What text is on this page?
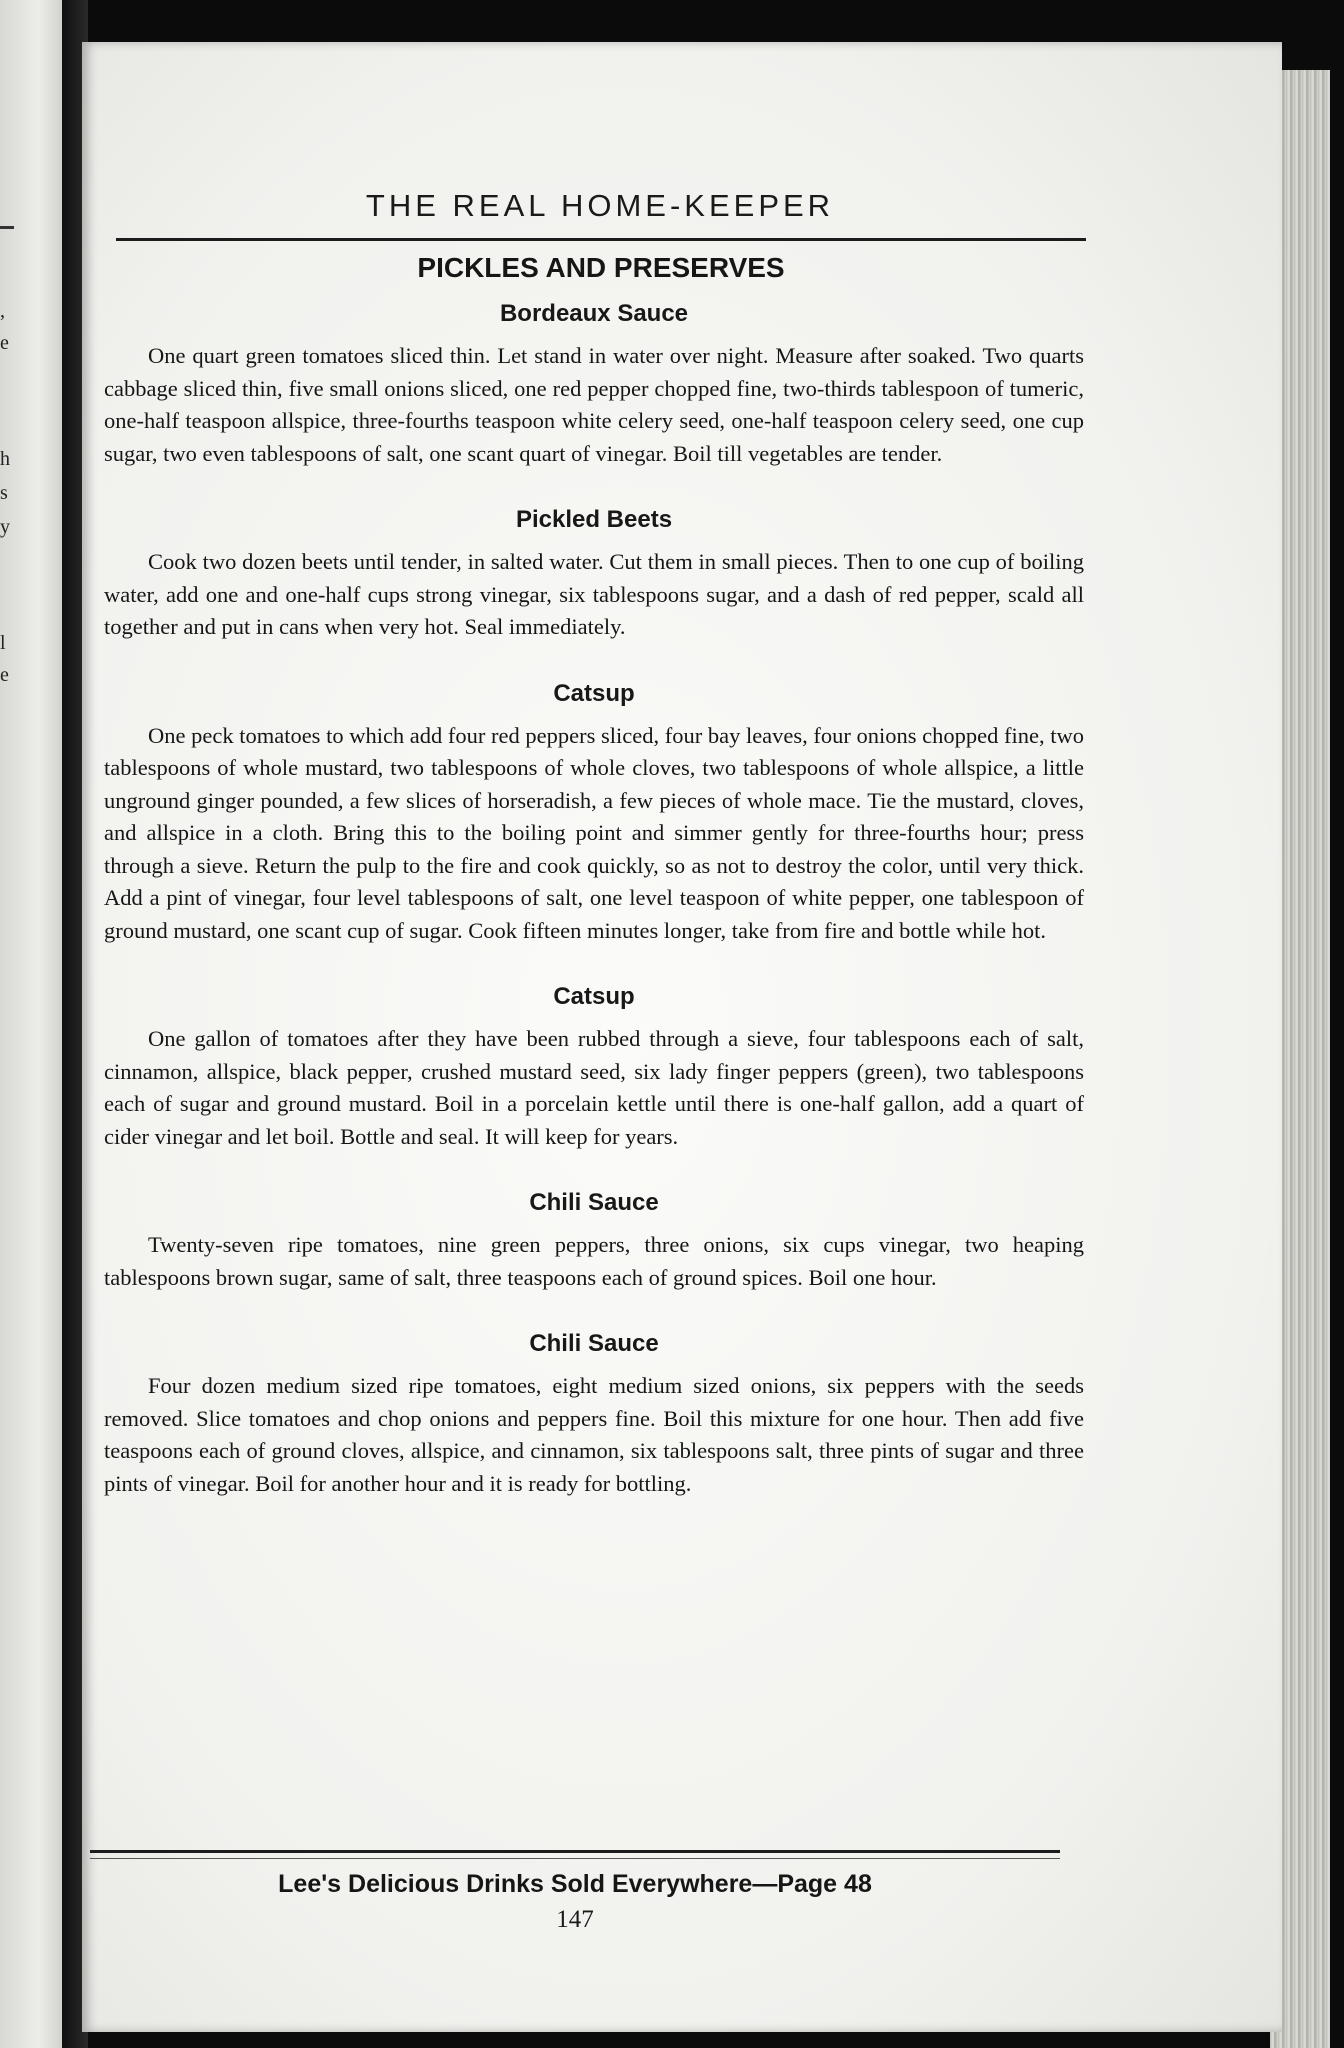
,
e
h
s
y
l
e
THE REAL HOME-KEEPER
PICKLES AND PRESERVES
Bordeaux Sauce

One quart green tomatoes sliced thin. Let stand in water over night. Measure after soaked. Two quarts cabbage sliced thin, five small onions sliced, one red pepper chopped fine, two-thirds tablespoon of tumeric, one-half teaspoon allspice, three-fourths teaspoon white celery seed, one-half teaspoon celery seed, one cup sugar, two even tablespoons of salt, one scant quart of vinegar. Boil till vegetables are tender.

Pickled Beets

Cook two dozen beets until tender, in salted water. Cut them in small pieces. Then to one cup of boiling water, add one and one-half cups strong vinegar, six tablespoons sugar, and a dash of red pepper, scald all together and put in cans when very hot. Seal immediately.

Catsup

One peck tomatoes to which add four red peppers sliced, four bay leaves, four onions chopped fine, two tablespoons of whole mustard, two tablespoons of whole cloves, two tablespoons of whole allspice, a little unground ginger pounded, a few slices of horseradish, a few pieces of whole mace. Tie the mustard, cloves, and allspice in a cloth. Bring this to the boiling point and simmer gently for three-fourths hour; press through a sieve. Return the pulp to the fire and cook quickly, so as not to destroy the color, until very thick. Add a pint of vinegar, four level tablespoons of salt, one level teaspoon of white pepper, one tablespoon of ground mustard, one scant cup of sugar. Cook fifteen minutes longer, take from fire and bottle while hot.

Catsup

One gallon of tomatoes after they have been rubbed through a sieve, four tablespoons each of salt, cinnamon, allspice, black pepper, crushed mustard seed, six lady finger peppers (green), two tablespoons each of sugar and ground mustard. Boil in a porcelain kettle until there is one-half gallon, add a quart of cider vinegar and let boil. Bottle and seal. It will keep for years.

Chili Sauce

Twenty-seven ripe tomatoes, nine green peppers, three onions, six cups vinegar, two heaping tablespoons brown sugar, same of salt, three teaspoons each of ground spices. Boil one hour.

Chili Sauce

Four dozen medium sized ripe tomatoes, eight medium sized onions, six peppers with the seeds removed. Slice tomatoes and chop onions and peppers fine. Boil this mixture for one hour. Then add five teaspoons each of ground cloves, allspice, and cinnamon, six tablespoons salt, three pints of sugar and three pints of vinegar. Boil for another hour and it is ready for bottling.

Lee's Delicious Drinks Sold Everywhere—Page 48
147
